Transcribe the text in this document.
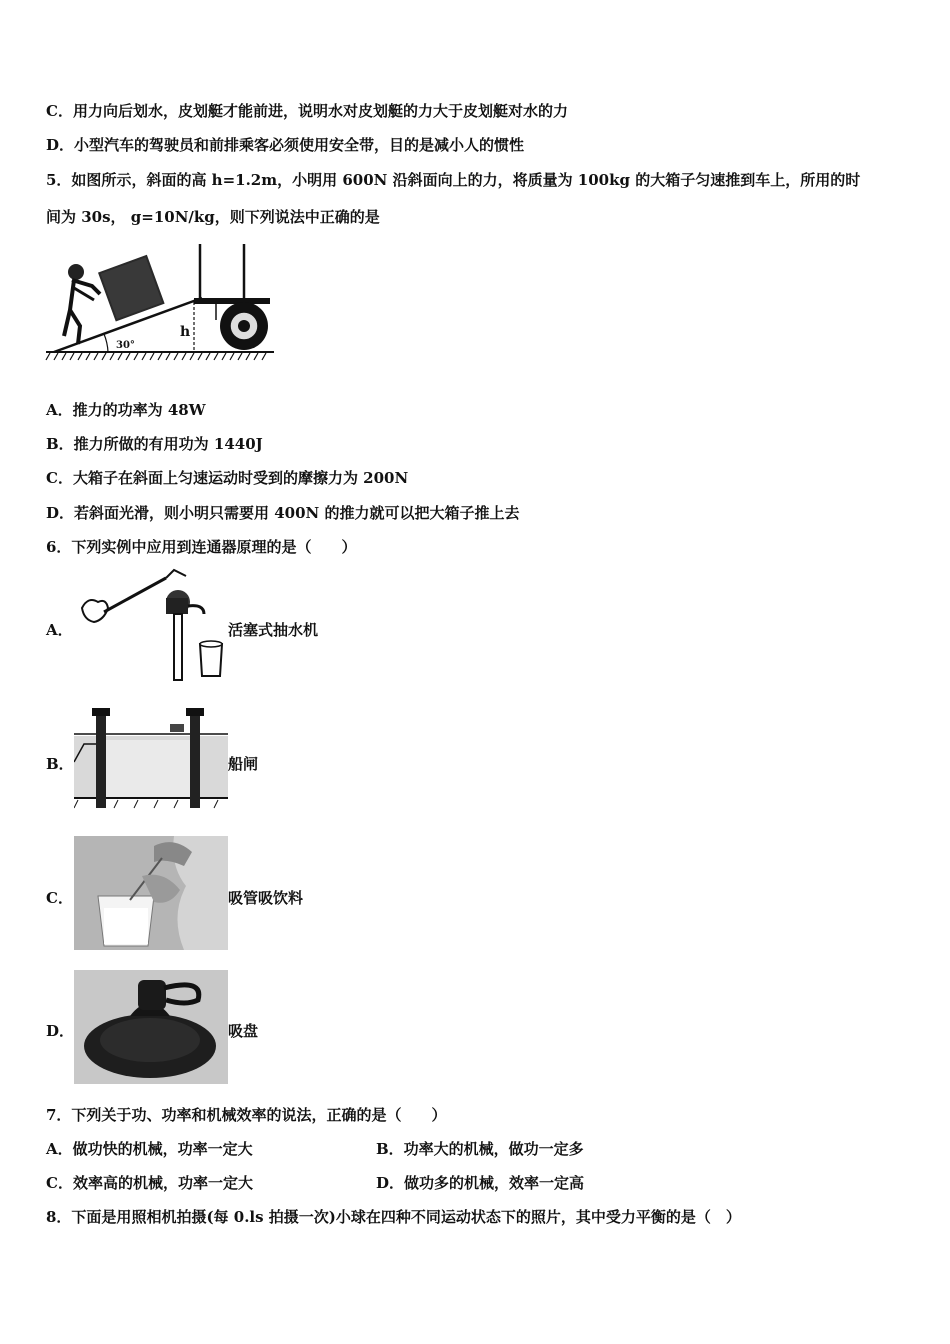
C．用力向后划水，皮划艇才能前进，说明水对皮划艇的力大于皮划艇对水的力
D．小型汽车的驾驶员和前排乘客必须使用安全带，目的是减小人的惯性
5．如图所示，斜面的高 h=1.2m，小明用 600N 沿斜面向上的力，将质量为 100kg 的大箱子匀速推到车上，所用的时
间为 30s， g=10N/kg，则下列说法中正确的是
30°
h
A．推力的功率为 48W
B．推力所做的有用功为 1440J
C．大箱子在斜面上匀速运动时受到的摩擦力为 200N
D．若斜面光滑，则小明只需要用 400N 的推力就可以把大箱子推上去
6．下列实例中应用到连通器原理的是（　　）
A．	活塞式抽水机
B．	船闸
C．	吸管吸饮料
D．	吸盘
7．下列关于功、功率和机械效率的说法，正确的是（　　）
A．做功快的机械，功率一定大	B．功率大的机械，做功一定多
C．效率高的机械，功率一定大	D．做功多的机械，效率一定高
8．下面是用照相机拍摄(每 0.ls 拍摄一次)小球在四种不同运动状态下的照片，其中受力平衡的是（　）
